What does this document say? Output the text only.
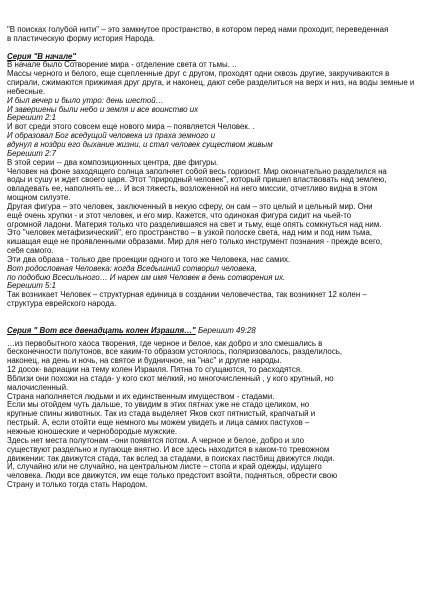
"В поисках голубой нити" – это замкнутое пространство, в котором перед нами проходит, переведенная
в пластическую форму история Народа.
Серия "В начале"
В начале было Сотворение мира - отделение света от тьмы. ..
Массы черного и белого, еще сцепленные друг с другом, проходят одни сквозь другие, закручиваются в
спирали, сжимаются прижимая друг друга, и наконец, дают себе разделиться на верх и низ, на воды земные и
небесные.
И был вечер и было утро: день шестой…
И завершены были небо и земля и все воинство их
Берешит 2:1
И вот среди этого совсем еще нового мира – появляется Человек. .
И образовал Бог вседущий человека из праха земного и
вдунул в ноздри его дыхание жизни, и стал человек существом живым
Берешит 2:7
В этой серии -- два композиционных центра, две фигуры.
Человек на фоне заходящего солнца заполняет собой весь горизонт. Мир окончательно разделился на
воды и сушу и ждет своего царя. Этот "природный человек", который пришел властвовать над землею,
овладевать ее, наполнять ее… И вся тяжесть, возложенной на него миссии, отчетливо видна в этом
мощном силуэте.
Другая фигура – это человек, заключенный в некую сферу, он сам – это целый и цельный мир. Они
ещё очень хрупки - и этот человек, и его мир. Кажется, что одинокая фигура сидит на чьей-то
огромной ладони. Материя только что разделившаяся на свет и тьму, еще опять сомкнуться над ним.
Это "человек метафизический", его пространство – в узкой полоске света, над ним и под ним тьма,
кишащая еще не проявленными образами. Мир для него только инструмент познания - прежде всего,
себя самого.
Эти два образа - только две проекции одного и того же Человека, нас самих.
Вот родословная Человека: когда Вседышний сотворил человека,
по подобию Всесильного… И нарек им имя Человек в день сотворения их.
Берешит 5:1
Так возникает Человек – структурная единица в создании человечества, так возникнет 12 колен –
структура еврейского народа.
Серия " Вот все двенадцать колен Израиля…" Берешит 49:28
…из первобытного хаоса творения, где черное и белое, как добро и зло смешались в
бесконечности полутонов, все каким-то образом устоялось, поляризовалось, разделилось,
наконец, на день и ночь, на святое и будничное, на "нас" и другие народы.
12 досок- вариации на тему колен Израиля. Пятна то сгущаются, то расходятся.
Вблизи они похожи на стада- у кого скот мелкий, но многочисленный , у кого крупный, но
малочисленный.
Страна наполняется людьми и их единственным имуществом - стадами.
Если мы отойдем чуть дальше, то увидим в этих пятнах уже не стадо целиком, но
крупные спины животных. Так из стада выделяет Яков скот пятнистый, крапчатый и
пестрый. А, если отойти еще немного мы можем увидеть и лица самих пастухов –
нежные юношеские и чернобородые мужские.
Здесь нет места полутонам –они появятся потом. А черное и белое, добро и зло
существуют раздельно и пугающе внятно. И все здесь находится в каком-то тревожном
движении: так движутся стада, так вслед за стадами, в поисках пастбищ движутся люди.
И, случайно или не случайно, на центральном листе – стопа и край одежды, идущего
человека. Люди все движутся, им еще только предстоит взойти, подняться, обрести свою
Страну и только тогда стать Народом.
